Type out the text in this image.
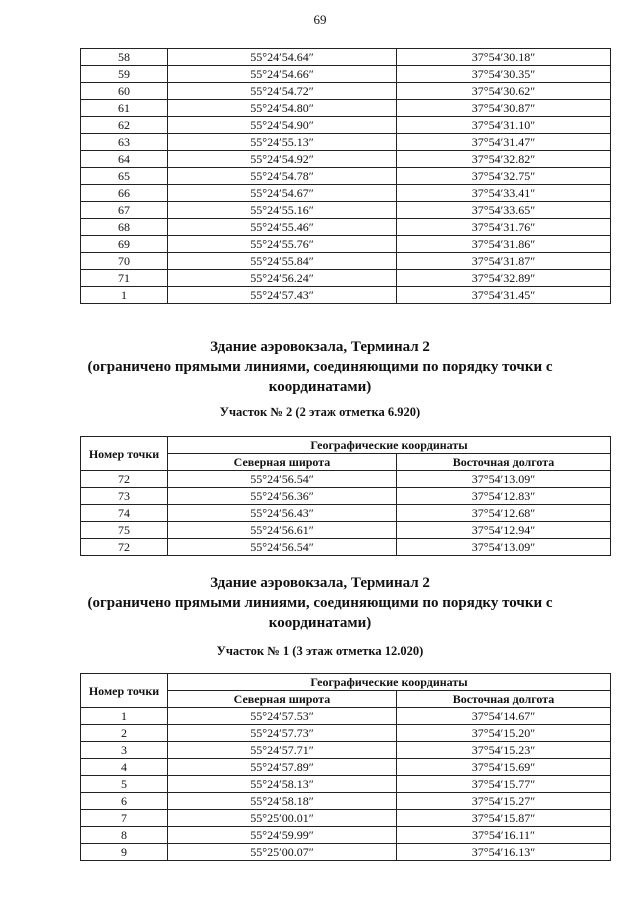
69
58	55°24′54.64″	37°54′30.18″
59	55°24′54.66″	37°54′30.35″
60	55°24′54.72″	37°54′30.62″
61	55°24′54.80″	37°54′30.87″
62	55°24′54.90″	37°54′31.10″
63	55°24′55.13″	37°54′31.47″
64	55°24′54.92″	37°54′32.82″
65	55°24′54.78″	37°54′32.75″
66	55°24′54.67″	37°54′33.41″
67	55°24′55.16″	37°54′33.65″
68	55°24′55.46″	37°54′31.76″
69	55°24′55.76″	37°54′31.86″
70	55°24′55.84″	37°54′31.87″
71	55°24′56.24″	37°54′32.89″
1	55°24′57.43″	37°54′31.45″
Здание аэровокзала, Терминал 2
(ограничено прямыми линиями, соединяющими по порядку точки с
координатами)
Участок № 2 (2 этаж отметка 6.920)
Номер точки	Географические координаты	
	Северная широта	Восточная долгота
72	55°24′56.54″	37°54′13.09″
73	55°24′56.36″	37°54′12.83″
74	55°24′56.43″	37°54′12.68″
75	55°24′56.61″	37°54′12.94″
72	55°24′56.54″	37°54′13.09″
Здание аэровокзала, Терминал 2
(ограничено прямыми линиями, соединяющими по порядку точки с
координатами)
Участок № 1 (3 этаж отметка 12.020)
Номер точки	Географические координаты	
	Северная широта	Восточная долгота
1	55°24′57.53″	37°54′14.67″
2	55°24′57.73″	37°54′15.20″
3	55°24′57.71″	37°54′15.23″
4	55°24′57.89″	37°54′15.69″
5	55°24′58.13″	37°54′15.77″
6	55°24′58.18″	37°54′15.27″
7	55°25′00.01″	37°54′15.87″
8	55°24′59.99″	37°54′16.11″
9	55°25′00.07″	37°54′16.13″
